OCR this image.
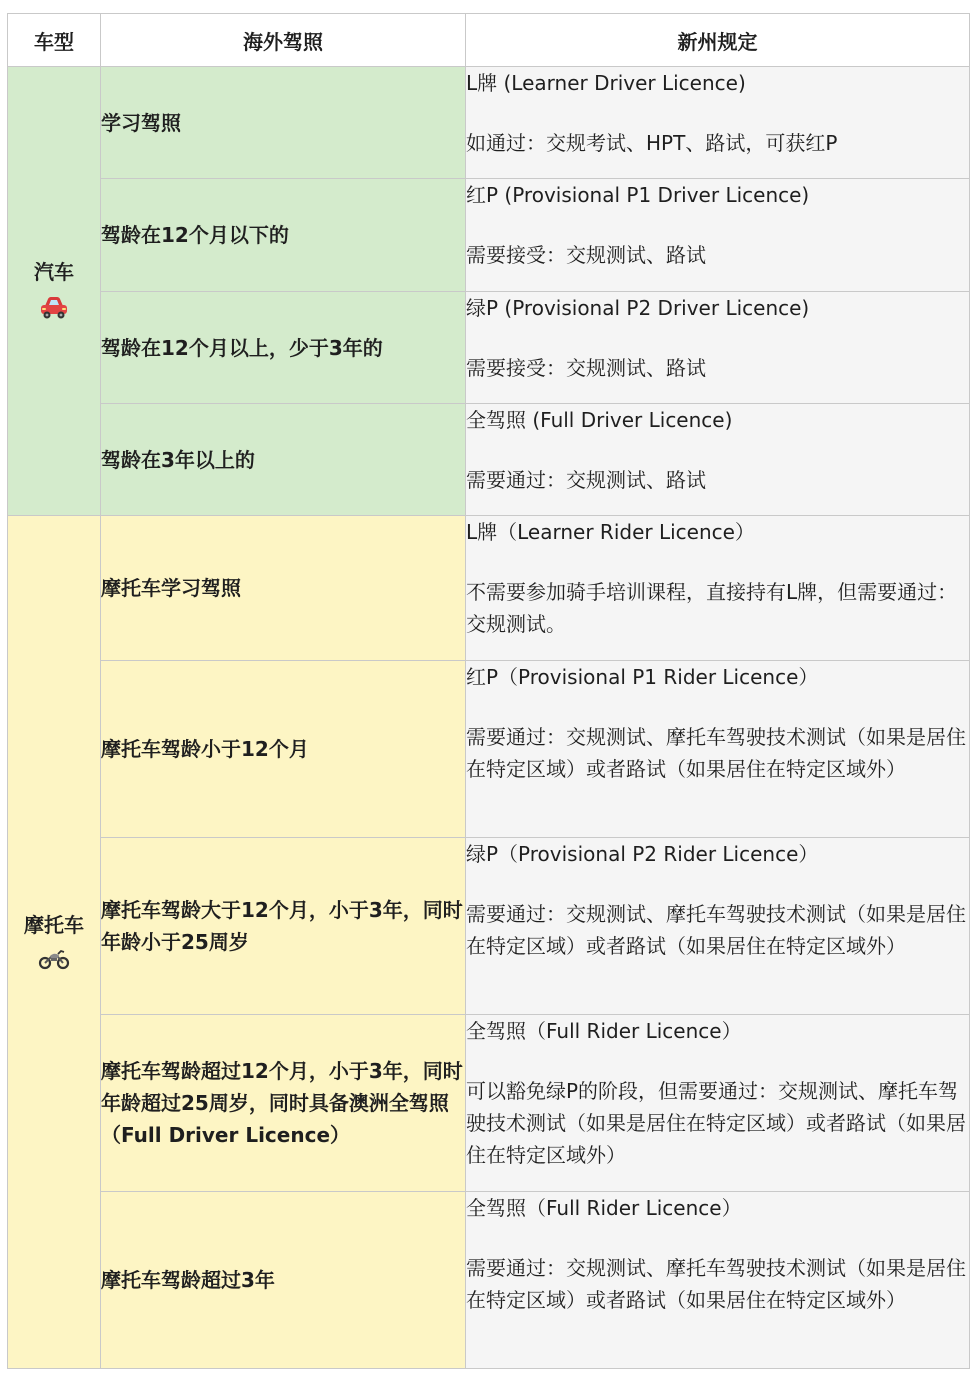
车型	海外驾照	新州规定

汽车	学习驾照	L牌 (Learner Driver Licence)
如通过：交规考试、HPT、路试，可获红P

	驾龄在12个月以下的	红P (Provisional P1 Driver Licence)
需要接受：交规测试、路试

	驾龄在12个月以上，少于3年的	绿P (Provisional P2 Driver Licence)
需要接受：交规测试、路试

	驾龄在3年以上的	全驾照 (Full Driver Licence)
需要通过：交规测试、路试

摩托车	摩托车学习驾照	L牌（Learner Rider Licence）
不需要参加骑手培训课程，直接持有L牌，但需要通过：交规测试。

	摩托车驾龄小于12个月	红P（Provisional P1 Rider Licence）
需要通过：交规测试、摩托车驾驶技术测试（如果是居住在特定区域）或者路试（如果居住在特定区域外）

	摩托车驾龄大于12个月，小于3年，同时年龄小于25周岁	绿P（Provisional P2 Rider Licence）
需要通过：交规测试、摩托车驾驶技术测试（如果是居住在特定区域）或者路试（如果居住在特定区域外）

	摩托车驾龄超过12个月，小于3年，同时年龄超过25周岁，同时具备澳洲全驾照（Full Driver Licence）	全驾照（Full Rider Licence）
可以豁免绿P的阶段，但需要通过：交规测试、摩托车驾驶技术测试（如果是居住在特定区域）或者路试（如果居住在特定区域外）

	摩托车驾龄超过3年	全驾照（Full Rider Licence）
需要通过：交规测试、摩托车驾驶技术测试（如果是居住在特定区域）或者路试（如果居住在特定区域外）
